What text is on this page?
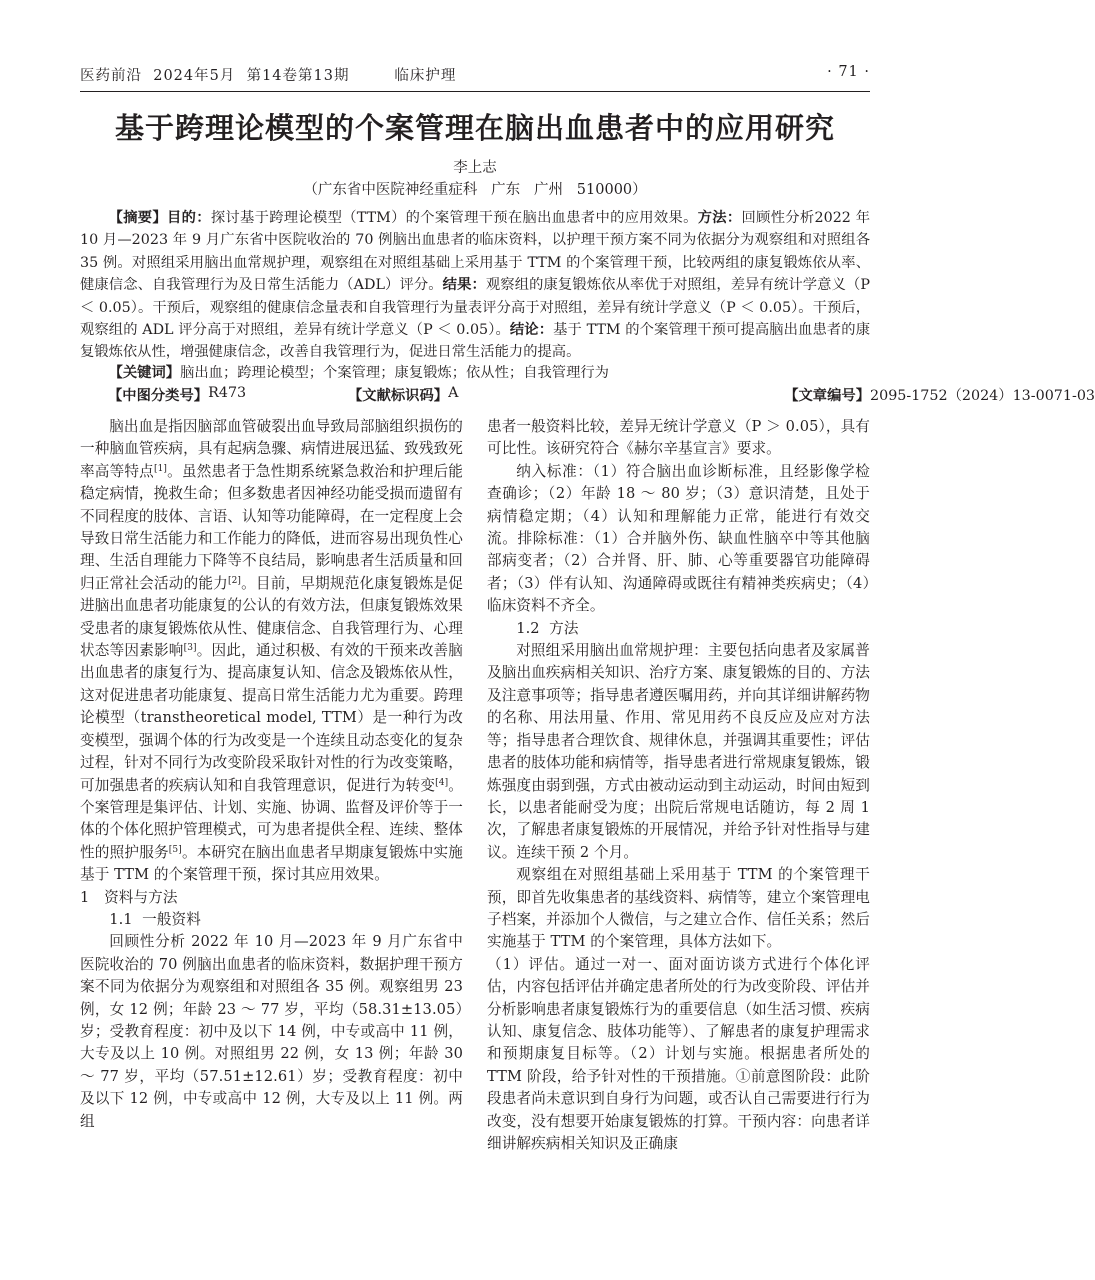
医药前沿  2024年5月  第14卷第13期        临床护理	· 71 ·
基于跨理论模型的个案管理在脑出血患者中的应用研究
李上志
（广东省中医院神经重症科   广东   广州   510000）
【摘要】目的：探讨基于跨理论模型（TTM）的个案管理干预在脑出血患者中的应用效果。方法：回顾性分析2022 年 10 月—2023 年 9 月广东省中医院收治的 70 例脑出血患者的临床资料，以护理干预方案不同为依据分为观察组和对照组各 35 例。对照组采用脑出血常规护理，观察组在对照组基础上采用基于 TTM 的个案管理干预，比较两组的康复锻炼依从率、健康信念、自我管理行为及日常生活能力（ADL）评分。结果：观察组的康复锻炼依从率优于对照组，差异有统计学意义（P ＜ 0.05）。干预后，观察组的健康信念量表和自我管理行为量表评分高于对照组，差异有统计学意义（P ＜ 0.05）。干预后，观察组的 ADL 评分高于对照组，差异有统计学意义（P ＜ 0.05）。结论：基于 TTM 的个案管理干预可提高脑出血患者的康复锻炼依从性，增强健康信念，改善自我管理行为，促进日常生活能力的提高。
【关键词】脑出血；跨理论模型；个案管理；康复锻炼；依从性；自我管理行为
【中图分类号】 R473	【文献标识码】 A	【文章编号】 2095-1752（2024）13-0071-03

脑出血是指因脑部血管破裂出血导致局部脑组织损伤的一种脑血管疾病，具有起病急骤、病情进展迅猛、致残致死率高等特点[1]。虽然患者于急性期系统紧急救治和护理后能稳定病情，挽救生命；但多数患者因神经功能受损而遗留有不同程度的肢体、言语、认知等功能障碍，在一定程度上会导致日常生活能力和工作能力的降低，进而容易出现负性心理、生活自理能力下降等不良结局，影响患者生活质量和回归正常社会活动的能力[2]。目前，早期规范化康复锻炼是促进脑出血患者功能康复的公认的有效方法，但康复锻炼效果受患者的康复锻炼依从性、健康信念、自我管理行为、心理状态等因素影响[3]。因此，通过积极、有效的干预来改善脑出血患者的康复行为、提高康复认知、信念及锻炼依从性，这对促进患者功能康复、提高日常生活能力尤为重要。跨理论模型（transtheoretical model, TTM）是一种行为改变模型，强调个体的行为改变是一个连续且动态变化的复杂过程，针对不同行为改变阶段采取针对性的行为改变策略，可加强患者的疾病认知和自我管理意识，促进行为转变[4]。个案管理是集评估、计划、实施、协调、监督及评价等于一体的个体化照护管理模式，可为患者提供全程、连续、整体性的照护服务[5]。本研究在脑出血患者早期康复锻炼中实施基于 TTM 的个案管理干预，探讨其应用效果。

1　资料与方法

1.1  一般资料

回顾性分析 2022 年 10 月—2023 年 9 月广东省中医院收治的 70 例脑出血患者的临床资料，数据护理干预方案不同为依据分为观察组和对照组各 35 例。观察组男 23 例，女 12 例；年龄 23 ～ 77 岁，平均（58.31±13.05）岁；受教育程度：初中及以下 14 例，中专或高中 11 例，大专及以上 10 例。对照组男 22 例，女 13 例；年龄 30 ～ 77 岁，平均（57.51±12.61）岁；受教育程度：初中及以下 12 例，中专或高中 12 例，大专及以上 11 例。两组

患者一般资料比较，差异无统计学意义（P ＞ 0.05），具有可比性。该研究符合《赫尔辛基宣言》要求。

纳入标准：（1）符合脑出血诊断标准，且经影像学检查确诊；（2）年龄 18 ～ 80 岁；（3）意识清楚，且处于病情稳定期；（4）认知和理解能力正常，能进行有效交流。排除标准：（1）合并脑外伤、缺血性脑卒中等其他脑部病变者；（2）合并肾、肝、肺、心等重要器官功能障碍者；（3）伴有认知、沟通障碍或既往有精神类疾病史；（4）临床资料不齐全。

1.2  方法

对照组采用脑出血常规护理：主要包括向患者及家属普及脑出血疾病相关知识、治疗方案、康复锻炼的目的、方法及注意事项等；指导患者遵医嘱用药，并向其详细讲解药物的名称、用法用量、作用、常见用药不良反应及应对方法等；指导患者合理饮食、规律休息，并强调其重要性；评估患者的肢体功能和病情等，指导患者进行常规康复锻炼，锻炼强度由弱到强，方式由被动运动到主动运动，时间由短到长，以患者能耐受为度；出院后常规电话随访，每 2 周 1 次，了解患者康复锻炼的开展情况，并给予针对性指导与建议。连续干预 2 个月。

观察组在对照组基础上采用基于 TTM 的个案管理干预，即首先收集患者的基线资料、病情等，建立个案管理电子档案，并添加个人微信，与之建立合作、信任关系；然后实施基于 TTM 的个案管理，具体方法如下。

（1）评估。通过一对一、面对面访谈方式进行个体化评估，内容包括评估并确定患者所处的行为改变阶段、评估并分析影响患者康复锻炼行为的重要信息（如生活习惯、疾病认知、康复信念、肢体功能等）、了解患者的康复护理需求和预期康复目标等。（2）计划与实施。根据患者所处的 TTM 阶段，给予针对性的干预措施。①前意图阶段：此阶段患者尚未意识到自身行为问题，或否认自己需要进行行为改变，没有想要开始康复锻炼的打算。干预内容：向患者详细讲解疾病相关知识及正确康
